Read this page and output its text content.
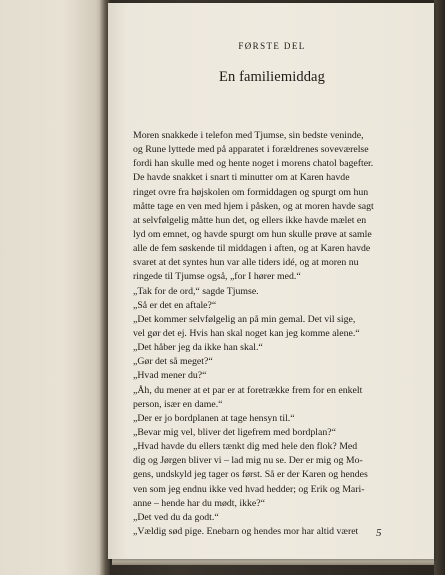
FØRSTE DEL
En familiemiddag
Moren snakkede i telefon med Tjumse, sin bedste veninde,
og Rune lyttede med på apparatet i forældrenes soveværelse
fordi han skulle med og hente noget i morens chatol bagefter.
De havde snakket i snart ti minutter om at Karen havde
ringet ovre fra højskolen om formiddagen og spurgt om hun
måtte tage en ven med hjem i påsken, og at moren havde sagt
at selvfølgelig måtte hun det, og ellers ikke havde mælet en
lyd om emnet, og havde spurgt om hun skulle prøve at samle
alle de fem søskende til middagen i aften, og at Karen havde
svaret at det syntes hun var alle tiders idé, og at moren nu
ringede til Tjumse også, „for I hører med.“
„Tak for de ord,“ sagde Tjumse.
„Så er det en aftale?“
„Det kommer selvfølgelig an på min gemal. Det vil sige,
vel gør det ej. Hvis han skal noget kan jeg komme alene.“
„Det håber jeg da ikke han skal.“
„Gør det så meget?“
„Hvad mener du?“
„Åh, du mener at et par er at foretrække frem for en enkelt
person, især en dame.“
„Der er jo bordplanen at tage hensyn til.“
„Bevar mig vel, bliver det ligefrem med bordplan?“
„Hvad havde du ellers tænkt dig med hele den flok? Med
dig og Jørgen bliver vi – lad mig nu se. Der er mig og Mo-
gens, undskyld jeg tager os først. Så er der Karen og hendes
ven som jeg endnu ikke ved hvad hedder; og Erik og Mari-
anne – hende har du mødt, ikke?“
„Det ved du da godt.“
„Vældig sød pige. Enebarn og hendes mor har altid været	5
